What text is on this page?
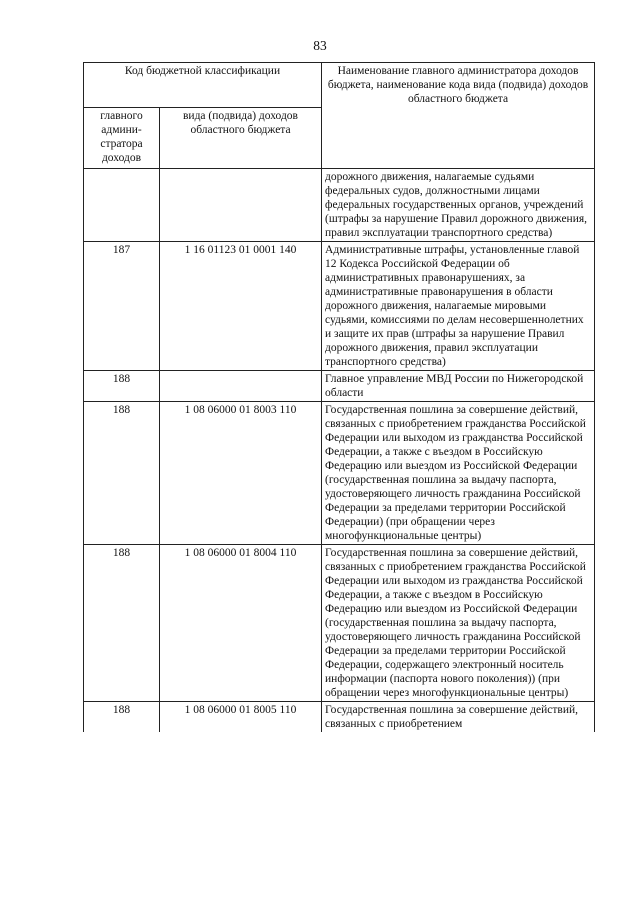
83
Код бюджетной классификации		Наименование главного администратора доходов бюджета, наименование кода вида (подвида) доходов областного бюджета
главного админи-стратора доходов	вида (подвида) доходов областного бюджета	
		дорожного движения, налагаемые судьями федеральных судов, должностными лицами федеральных государственных органов, учреждений (штрафы за нарушение Правил дорожного движения, правил эксплуатации транспортного средства)
187	1 16 01123 01 0001 140	Административные штрафы, установленные главой 12 Кодекса Российской Федерации об административных правонарушениях, за административные правонарушения в области дорожного движения, налагаемые мировыми судьями, комиссиями по делам несовершеннолетних и защите их прав (штрафы за нарушение Правил дорожного движения, правил эксплуатации транспортного средства)
188		Главное управление МВД России по Нижегородской области
188	1 08 06000 01 8003 110	Государственная пошлина за совершение действий, связанных с приобретением гражданства Российской Федерации или выходом из гражданства Российской Федерации, а также с въездом в Российскую Федерацию или выездом из Российской Федерации (государственная пошлина за выдачу паспорта, удостоверяющего личность гражданина Российской Федерации за пределами территории Российской Федерации) (при обращении через многофункциональные центры)
188	1 08 06000 01 8004 110	Государственная пошлина за совершение действий, связанных с приобретением гражданства Российской Федерации или выходом из гражданства Российской Федерации, а также с въездом в Российскую Федерацию или выездом из Российской Федерации (государственная пошлина за выдачу паспорта, удостоверяющего личность гражданина Российской Федерации за пределами территории Российской Федерации, содержащего электронный носитель информации (паспорта нового поколения)) (при обращении через многофункциональные центры)
188	1 08 06000 01 8005 110	Государственная пошлина за совершение действий, связанных с приобретением
